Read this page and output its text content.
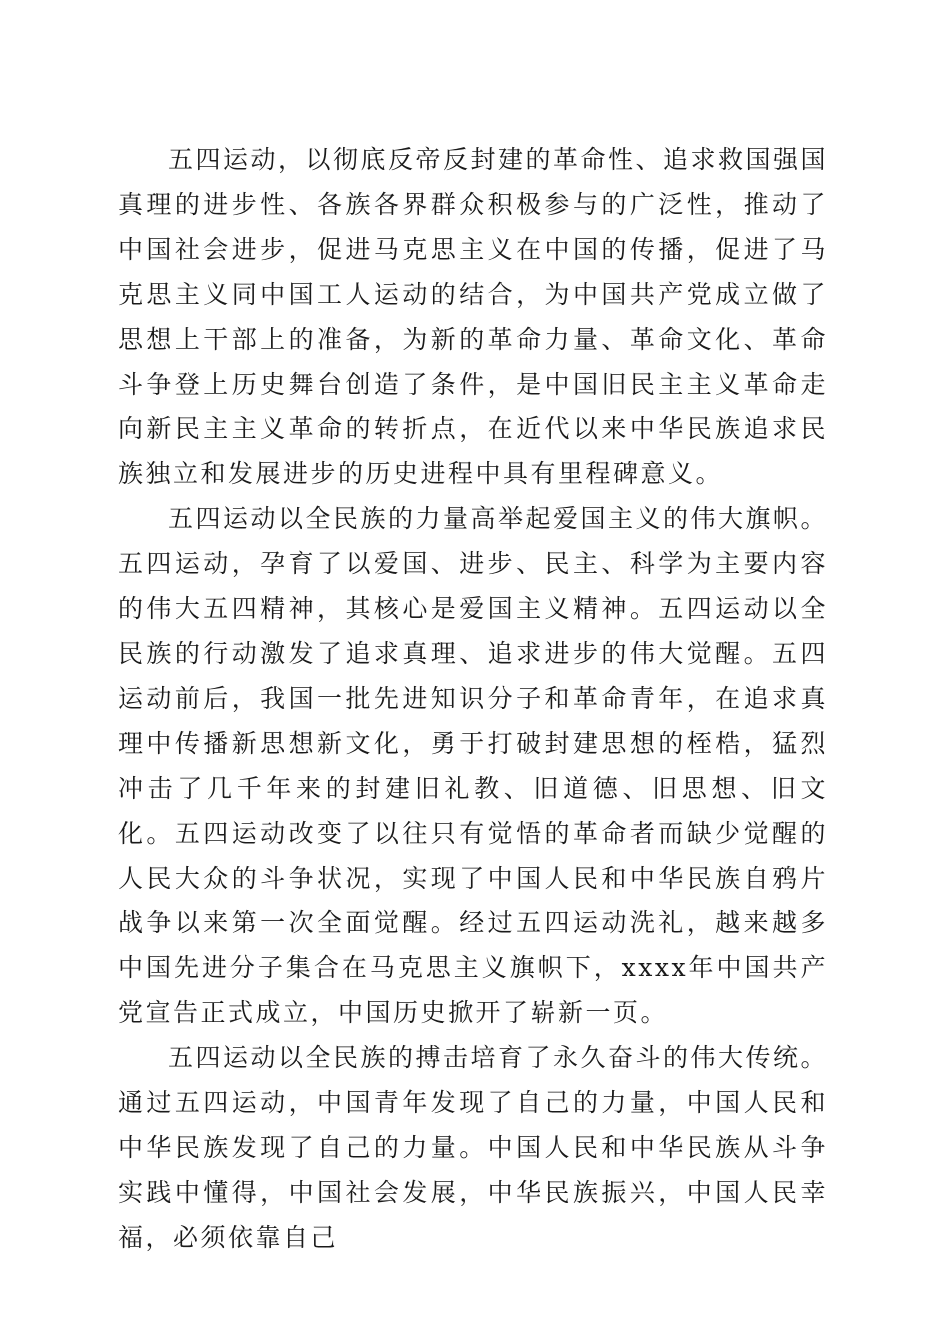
五四运动，以彻底反帝反封建的革命性、追求救国强国真理的进步性、各族各界群众积极参与的广泛性，推动了中国社会进步，促进马克思主义在中国的传播，促进了马克思主义同中国工人运动的结合，为中国共产党成立做了思想上干部上的准备，为新的革命力量、革命文化、革命斗争登上历史舞台创造了条件，是中国旧民主主义革命走向新民主主义革命的转折点，在近代以来中华民族追求民族独立和发展进步的历史进程中具有里程碑意义。

五四运动以全民族的力量高举起爱国主义的伟大旗帜。五四运动，孕育了以爱国、进步、民主、科学为主要内容的伟大五四精神，其核心是爱国主义精神。五四运动以全民族的行动激发了追求真理、追求进步的伟大觉醒。五四运动前后，我国一批先进知识分子和革命青年，在追求真理中传播新思想新文化，勇于打破封建思想的桎梏，猛烈冲击了几千年来的封建旧礼教、旧道德、旧思想、旧文化。五四运动改变了以往只有觉悟的革命者而缺少觉醒的人民大众的斗争状况，实现了中国人民和中华民族自鸦片战争以来第一次全面觉醒。经过五四运动洗礼，越来越多中国先进分子集合在马克思主义旗帜下，xxxx年中国共产党宣告正式成立，中国历史掀开了崭新一页。

五四运动以全民族的搏击培育了永久奋斗的伟大传统。通过五四运动，中国青年发现了自己的力量，中国人民和中华民族发现了自己的力量。中国人民和中华民族从斗争实践中懂得，中国社会发展，中华民族振兴，中国人民幸福，必须依靠自己
